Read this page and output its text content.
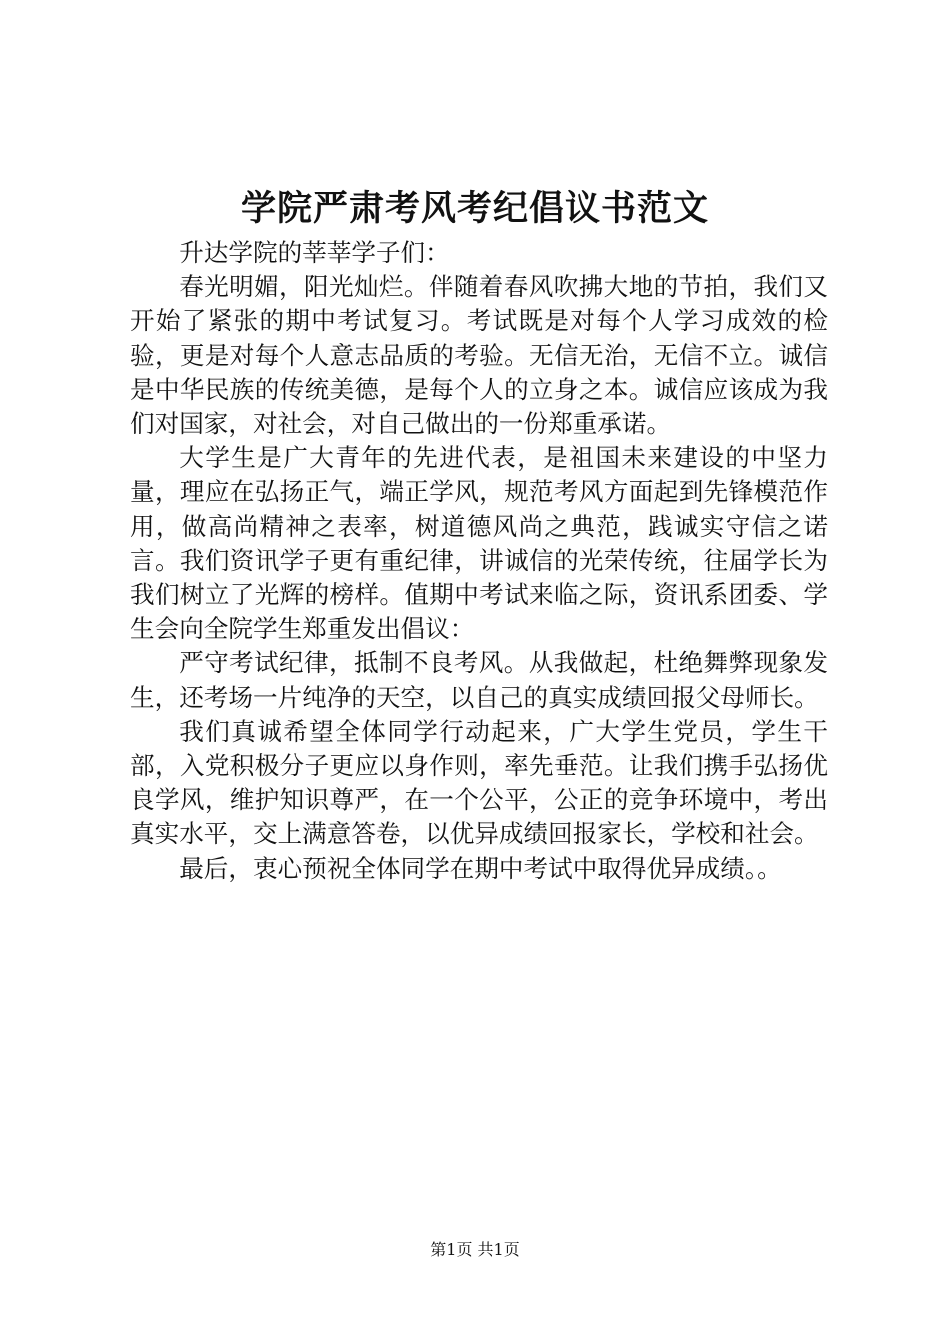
学院严肃考风考纪倡议书范文

升达学院的莘莘学子们：

春光明媚，阳光灿烂。伴随着春风吹拂大地的节拍，我们又开始了紧张的期中考试复习。考试既是对每个人学习成效的检验，更是对每个人意志品质的考验。无信无治，无信不立。诚信是中华民族的传统美德，是每个人的立身之本。诚信应该成为我们对国家，对社会，对自己做出的一份郑重承诺。

大学生是广大青年的先进代表，是祖国未来建设的中坚力量，理应在弘扬正气，端正学风，规范考风方面起到先锋模范作用，做高尚精神之表率，树道德风尚之典范，践诚实守信之诺言。我们资讯学子更有重纪律，讲诚信的光荣传统，往届学长为我们树立了光辉的榜样。值期中考试来临之际，资讯系团委、学生会向全院学生郑重发出倡议：

严守考试纪律，抵制不良考风。从我做起，杜绝舞弊现象发生，还考场一片纯净的天空，以自己的真实成绩回报父母师长。

我们真诚希望全体同学行动起来，广大学生党员，学生干部，入党积极分子更应以身作则，率先垂范。让我们携手弘扬优良学风，维护知识尊严，在一个公平，公正的竞争环境中，考出真实水平，交上满意答卷，以优异成绩回报家长，学校和社会。

最后，衷心预祝全体同学在期中考试中取得优异成绩。。

第1页 共1页
